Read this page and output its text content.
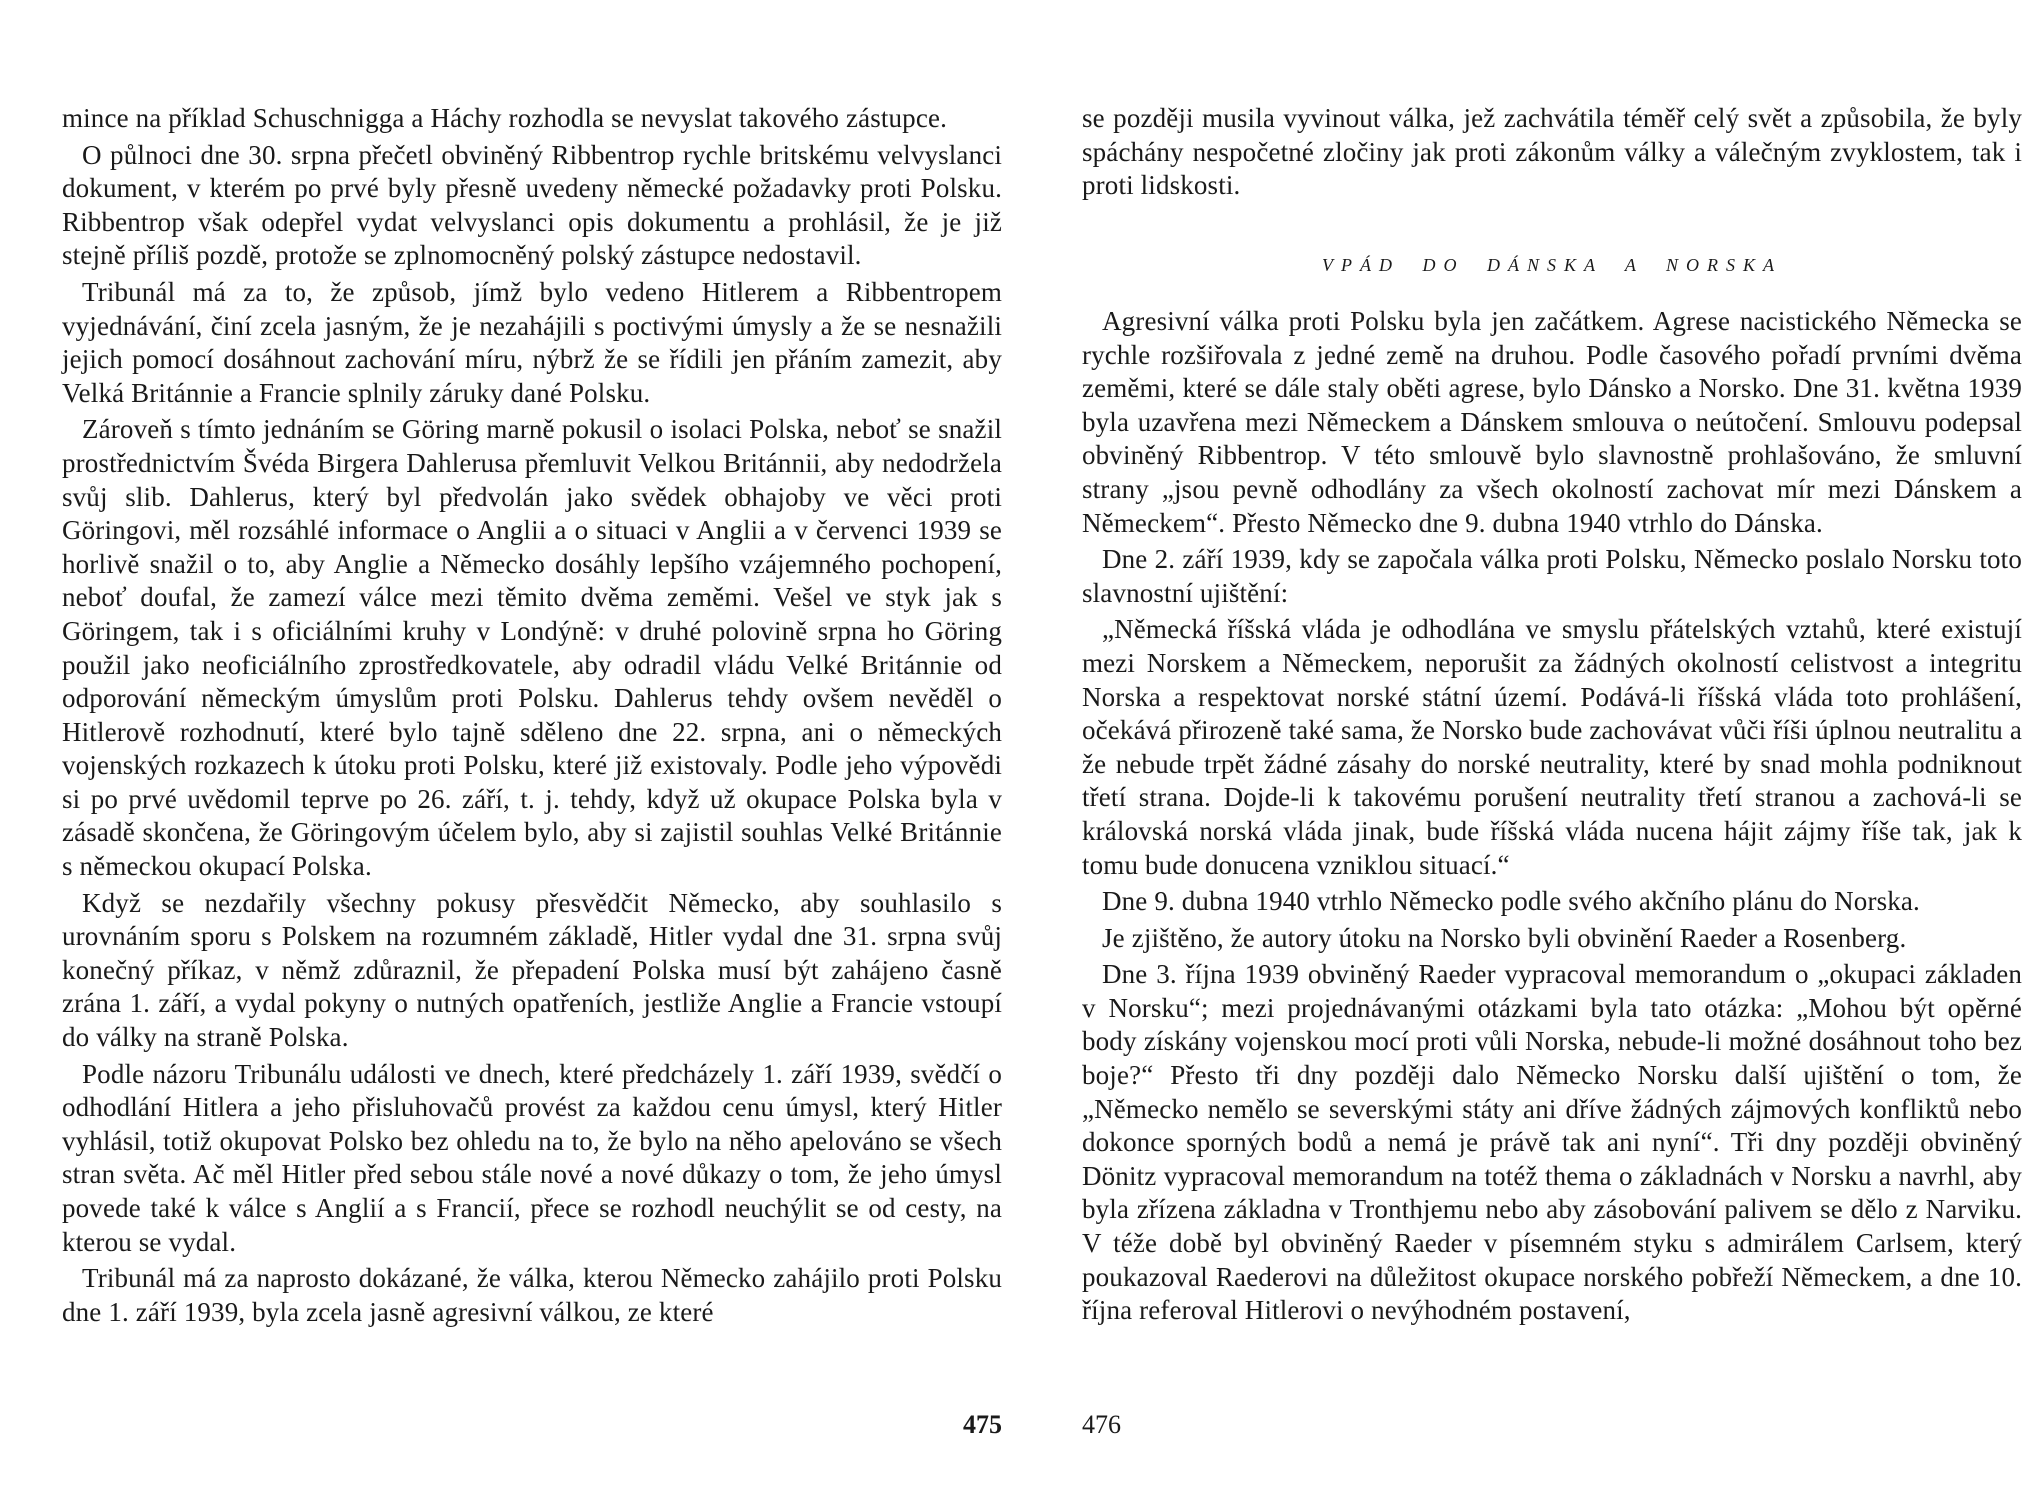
mince na příklad Schuschnigga a Háchy rozhodla se nevyslat takového zástupce.

O půlnoci dne 30. srpna přečetl obviněný Ribbentrop rychle britskému velvyslanci dokument, v kterém po prvé byly přesně uvedeny německé požadavky proti Polsku. Ribbentrop však odepřel vydat velvyslanci opis dokumentu a prohlásil, že je již stejně příliš pozdě, protože se zplnomocněný polský zástupce nedostavil.

Tribunál má za to, že způsob, jímž bylo vedeno Hitlerem a Ribbentropem vyjednávání, činí zcela jasným, že je nezahájili s poctivými úmysly a že se nesnažili jejich pomocí dosáhnout zachování míru, nýbrž že se řídili jen přáním zamezit, aby Velká Británnie a Francie splnily záruky dané Polsku.

Zároveň s tímto jednáním se Göring marně pokusil o isolaci Polska, neboť se snažil prostřednictvím Švéda Birgera Dahlerusa přemluvit Velkou Británnii, aby nedodržela svůj slib. Dahlerus, který byl předvolán jako svědek obhajoby ve věci proti Göringovi, měl rozsáhlé informace o Anglii a o situaci v Anglii a v červenci 1939 se horlivě snažil o to, aby Anglie a Německo dosáhly lepšího vzájemného pochopení, neboť doufal, že zamezí válce mezi těmito dvěma zeměmi. Vešel ve styk jak s Göringem, tak i s oficiálními kruhy v Londýně: v druhé polovině srpna ho Göring použil jako neoficiálního zprostředkovatele, aby odradil vládu Velké Británnie od odporování německým úmyslům proti Polsku. Dahlerus tehdy ovšem nevěděl o Hitlerově rozhodnutí, které bylo tajně sděleno dne 22. srpna, ani o německých vojenských rozkazech k útoku proti Polsku, které již existovaly. Podle jeho výpovědi si po prvé uvědomil teprve po 26. září, t. j. tehdy, když už okupace Polska byla v zásadě skončena, že Göringovým účelem bylo, aby si zajistil souhlas Velké Británnie s německou okupací Polska.

Když se nezdařily všechny pokusy přesvědčit Německo, aby souhlasilo s urovnáním sporu s Polskem na rozumném základě, Hitler vydal dne 31. srpna svůj konečný příkaz, v němž zdůraznil, že přepadení Polska musí být zahájeno časně zrána 1. září, a vydal pokyny o nutných opatřeních, jestliže Anglie a Francie vstoupí do války na straně Polska.

Podle názoru Tribunálu události ve dnech, které předcházely 1. září 1939, svědčí o odhodlání Hitlera a jeho přisluhovačů provést za každou cenu úmysl, který Hitler vyhlásil, totiž okupovat Polsko bez ohledu na to, že bylo na něho apelováno se všech stran světa. Ač měl Hitler před sebou stále nové a nové důkazy o tom, že jeho úmysl povede také k válce s Anglií a s Francií, přece se rozhodl neuchýlit se od cesty, na kterou se vydal.

Tribunál má za naprosto dokázané, že válka, kterou Německo zahájilo proti Polsku dne 1. září 1939, byla zcela jasně agresivní válkou, ze které

475

se později musila vyvinout válka, jež zachvátila téměř celý svět a způsobila, že byly spáchány nespočetné zločiny jak proti zákonům války a válečným zvyklostem, tak i proti lidskosti.

VPÁD DO DÁNSKA A NORSKA

Agresivní válka proti Polsku byla jen začátkem. Agrese nacistického Německa se rychle rozšiřovala z jedné země na druhou. Podle časového pořadí prvními dvěma zeměmi, které se dále staly oběti agrese, bylo Dánsko a Norsko. Dne 31. května 1939 byla uzavřena mezi Německem a Dánskem smlouva o neútočení. Smlouvu podepsal obviněný Ribbentrop. V této smlouvě bylo slavnostně prohlašováno, že smluvní strany „jsou pevně odhodlány za všech okolností zachovat mír mezi Dánskem a Německem“. Přesto Německo dne 9. dubna 1940 vtrhlo do Dánska.

Dne 2. září 1939, kdy se započala válka proti Polsku, Německo poslalo Norsku toto slavnostní ujištění:

„Německá říšská vláda je odhodlána ve smyslu přátelských vztahů, které existují mezi Norskem a Německem, neporušit za žádných okolností celistvost a integritu Norska a respektovat norské státní území. Podává-li říšská vláda toto prohlášení, očekává přirozeně také sama, že Norsko bude zachovávat vůči říši úplnou neutralitu a že nebude trpět žádné zásahy do norské neutrality, které by snad mohla podniknout třetí strana. Dojde-li k takovému porušení neutrality třetí stranou a zachová-li se královská norská vláda jinak, bude říšská vláda nucena hájit zájmy říše tak, jak k tomu bude donucena vzniklou situací.“

Dne 9. dubna 1940 vtrhlo Německo podle svého akčního plánu do Norska.

Je zjištěno, že autory útoku na Norsko byli obvinění Raeder a Rosenberg.

Dne 3. října 1939 obviněný Raeder vypracoval memorandum o „okupaci základen v Norsku“; mezi projednávanými otázkami byla tato otázka: „Mohou být opěrné body získány vojenskou mocí proti vůli Norska, nebude-li možné dosáhnout toho bez boje?“ Přesto tři dny později dalo Německo Norsku další ujištění o tom, že „Německo nemělo se severskými státy ani dříve žádných zájmových konfliktů nebo dokonce sporných bodů a nemá je právě tak ani nyní“. Tři dny později obviněný Dönitz vypracoval memorandum na totéž thema o základnách v Norsku a navrhl, aby byla zřízena základna v Tronthjemu nebo aby zásobování palivem se dělo z Narviku. V téže době byl obviněný Raeder v písemném styku s admirálem Carlsem, který poukazoval Raederovi na důležitost okupace norského pobřeží Německem, a dne 10. října referoval Hitlerovi o nevýhodném postavení,

476
